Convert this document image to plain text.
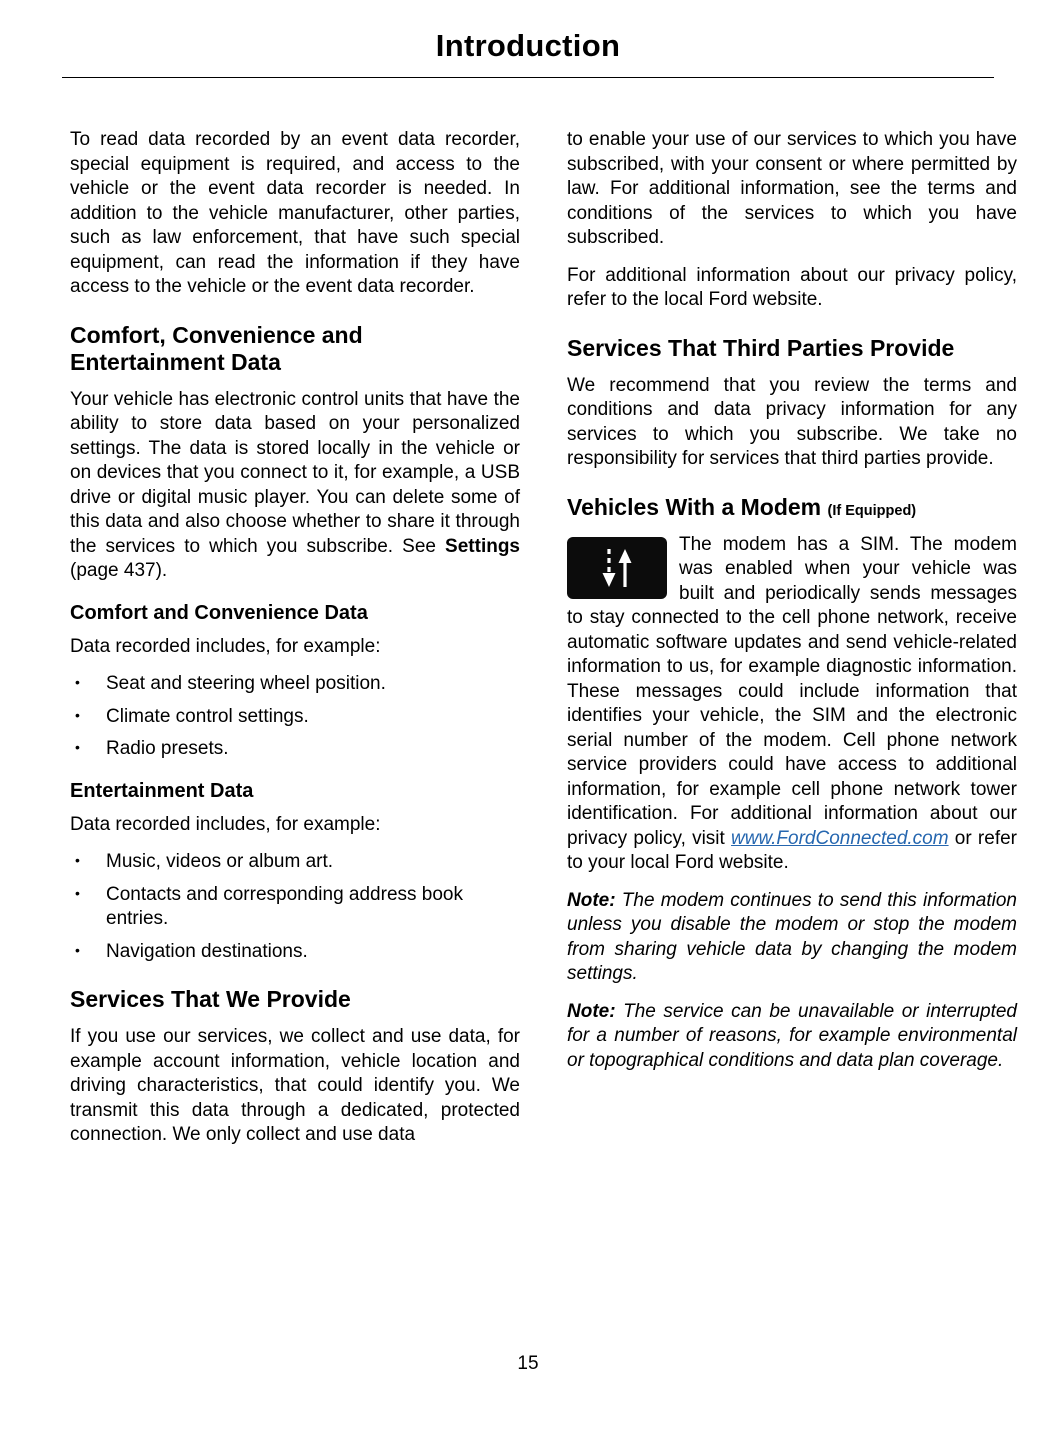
Introduction

To read data recorded by an event data recorder, special equipment is required, and access to the vehicle or the event data recorder is needed. In addition to the vehicle manufacturer, other parties, such as law enforcement, that have such special equipment, can read the information if they have access to the vehicle or the event data recorder.

Comfort, Convenience and Entertainment Data

Your vehicle has electronic control units that have the ability to store data based on your personalized settings. The data is stored locally in the vehicle or on devices that you connect to it, for example, a USB drive or digital music player. You can delete some of this data and also choose whether to share it through the services to which you subscribe. See Settings (page 437).

Comfort and Convenience Data

Data recorded includes, for example:

• Seat and steering wheel position.
• Climate control settings.
• Radio presets.
Entertainment Data

Data recorded includes, for example:

• Music, videos or album art.
• Contacts and corresponding address book entries.
• Navigation destinations.
Services That We Provide

If you use our services, we collect and use data, for example account information, vehicle location and driving characteristics, that could identify you. We transmit this data through a dedicated, protected connection. We only collect and use data

to enable your use of our services to which you have subscribed, with your consent or where permitted by law. For additional information, see the terms and conditions of the services to which you have subscribed.

For additional information about our privacy policy, refer to the local Ford website.

Services That Third Parties Provide

We recommend that you review the terms and conditions and data privacy information for any services to which you subscribe. We take no responsibility for services that third parties provide.

Vehicles With a Modem (If Equipped)
The modem has a SIM. The modem was enabled when your vehicle was built and periodically sends messages to stay connected to the cell phone network, receive automatic software updates and send vehicle-related information to us, for example diagnostic information. These messages could include information that identifies your vehicle, the SIM and the electronic serial number of the modem. Cell phone network service providers could have access to additional information, for example cell phone network tower identification. For additional information about our privacy policy, visit www.FordConnected.com or refer to your local Ford website.

Note: The modem continues to send this information unless you disable the modem or stop the modem from sharing vehicle data by changing the modem settings.

Note: The service can be unavailable or interrupted for a number of reasons, for example environmental or topographical conditions and data plan coverage.

15
